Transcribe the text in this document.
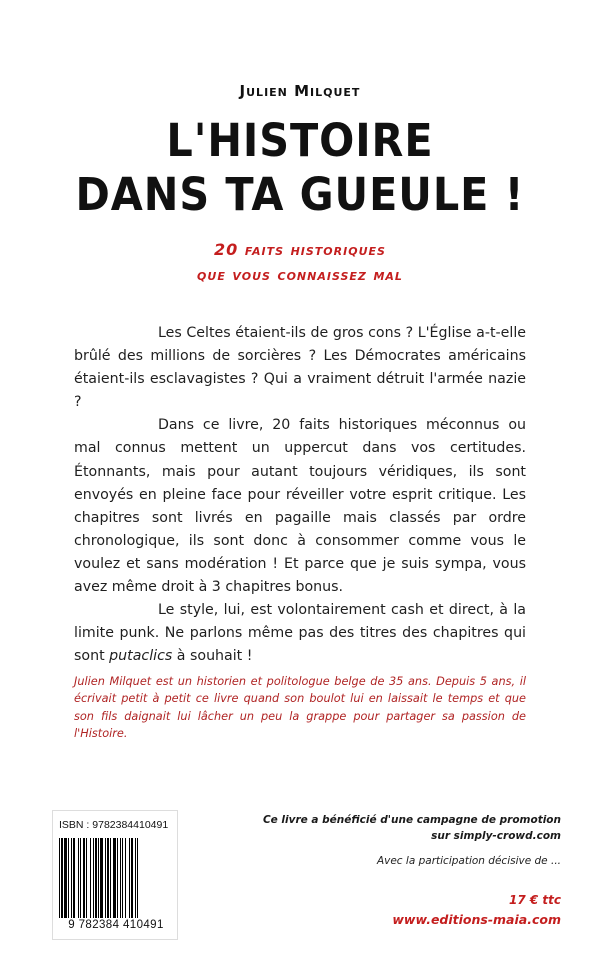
Julien Milquet
L'HISTOIRE
DANS TA GUEULE !
20 faits historiques
que vous connaissez mal

Les Celtes étaient-ils de gros cons ? L'Église a-t-elle brûlé des millions de sorcières ? Les Démocrates américains étaient-ils esclavagistes ? Qui a vraiment détruit l'armée nazie ?

Dans ce livre, 20 faits historiques méconnus ou mal connus mettent un uppercut dans vos certitudes. Étonnants, mais pour autant toujours véridiques, ils sont envoyés en pleine face pour réveiller votre esprit critique. Les chapitres sont livrés en pagaille mais classés par ordre chronologique, ils sont donc à consommer comme vous le voulez et sans modération ! Et parce que je suis sympa, vous avez même droit à 3 chapitres bonus.

Le style, lui, est volontairement cash et direct, à la limite punk. Ne parlons même pas des titres des chapitres qui sont putaclics à souhait !

Julien Milquet est un historien et politologue belge de 35 ans. Depuis 5 ans, il écrivait petit à petit ce livre quand son boulot lui en laissait le temps et que son fils daignait lui lâcher un peu la grappe pour partager sa passion de l'Histoire.
ISBN : 9782384410491
9 782384 410491
Ce livre a bénéficié d'une campagne de promotion
sur simply-crowd.com
Avec la participation décisive de ...
17 € ttc
www.editions-maia.com
